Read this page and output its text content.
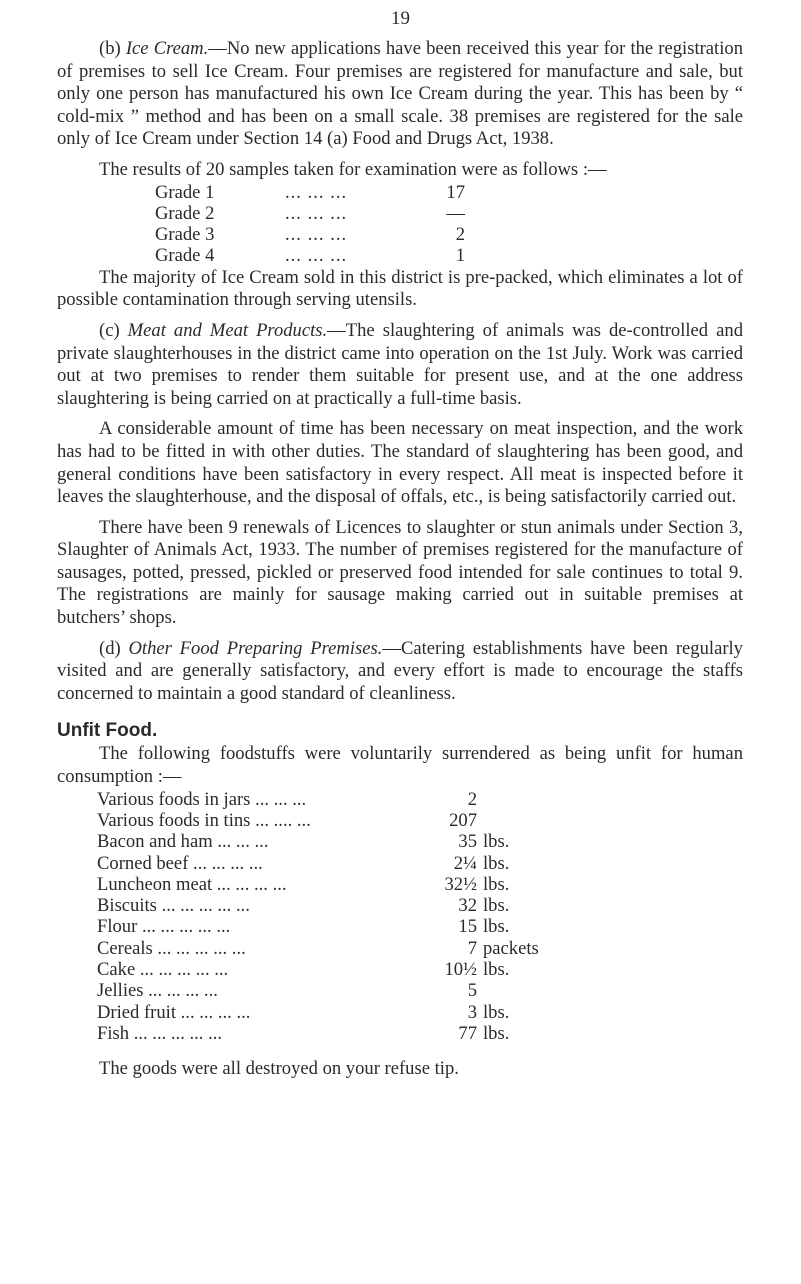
19

(b) Ice Cream.—No new applications have been received this year for the registration of premises to sell Ice Cream. Four premises are registered for manufacture and sale, but only one person has manufactured his own Ice Cream during the year. This has been by “ cold-mix ” method and has been on a small scale. 38 premises are registered for the sale only of Ice Cream under Section 14 (a) Food and Drugs Act, 1938.

The results of 20 samples taken for examination were as follows :—

Grade 1	... ... ...	17
Grade 2	... ... ...	—
Grade 3	... ... ...	2
Grade 4	... ... ...	1

The majority of Ice Cream sold in this district is pre-packed, which eliminates a lot of possible contamination through serving utensils.

(c) Meat and Meat Products.—The slaughtering of animals was de-controlled and private slaughterhouses in the district came into operation on the 1st July. Work was carried out at two premises to render them suitable for present use, and at the one address slaughtering is being carried on at practically a full-time basis.

A considerable amount of time has been necessary on meat inspection, and the work has had to be fitted in with other duties. The standard of slaughtering has been good, and general conditions have been satisfactory in every respect. All meat is inspected before it leaves the slaughterhouse, and the disposal of offals, etc., is being satisfactorily carried out.

There have been 9 renewals of Licences to slaughter or stun animals under Section 3, Slaughter of Animals Act, 1933. The number of premises registered for the manufacture of sausages, potted, pressed, pickled or preserved food intended for sale continues to total 9. The registrations are mainly for sausage making carried out in suitable premises at butchers’ shops.

(d) Other Food Preparing Premises.—Catering establishments have been regularly visited and are generally satisfactory, and every effort is made to encourage the staffs concerned to maintain a good standard of cleanliness.

Unfit Food.

The following foodstuffs were voluntarily surrendered as being unfit for human consumption :—

Various foods in jars ... ... ...	2	
Various foods in tins ... .... ...	207	
Bacon and ham ... ... ...	35	lbs.
Corned beef ... ... ... ...	2¼	lbs.
Luncheon meat ... ... ... ...	32½	lbs.
Biscuits ... ... ... ... ...	32	lbs.
Flour ... ... ... ... ...	15	lbs.
Cereals ... ... ... ... ...	7	packets
Cake ... ... ... ... ...	10½	lbs.
Jellies ... ... ... ...	5	
Dried fruit ... ... ... ...	3	lbs.
Fish ... ... ... ... ...	77	lbs.

The goods were all destroyed on your refuse tip.
